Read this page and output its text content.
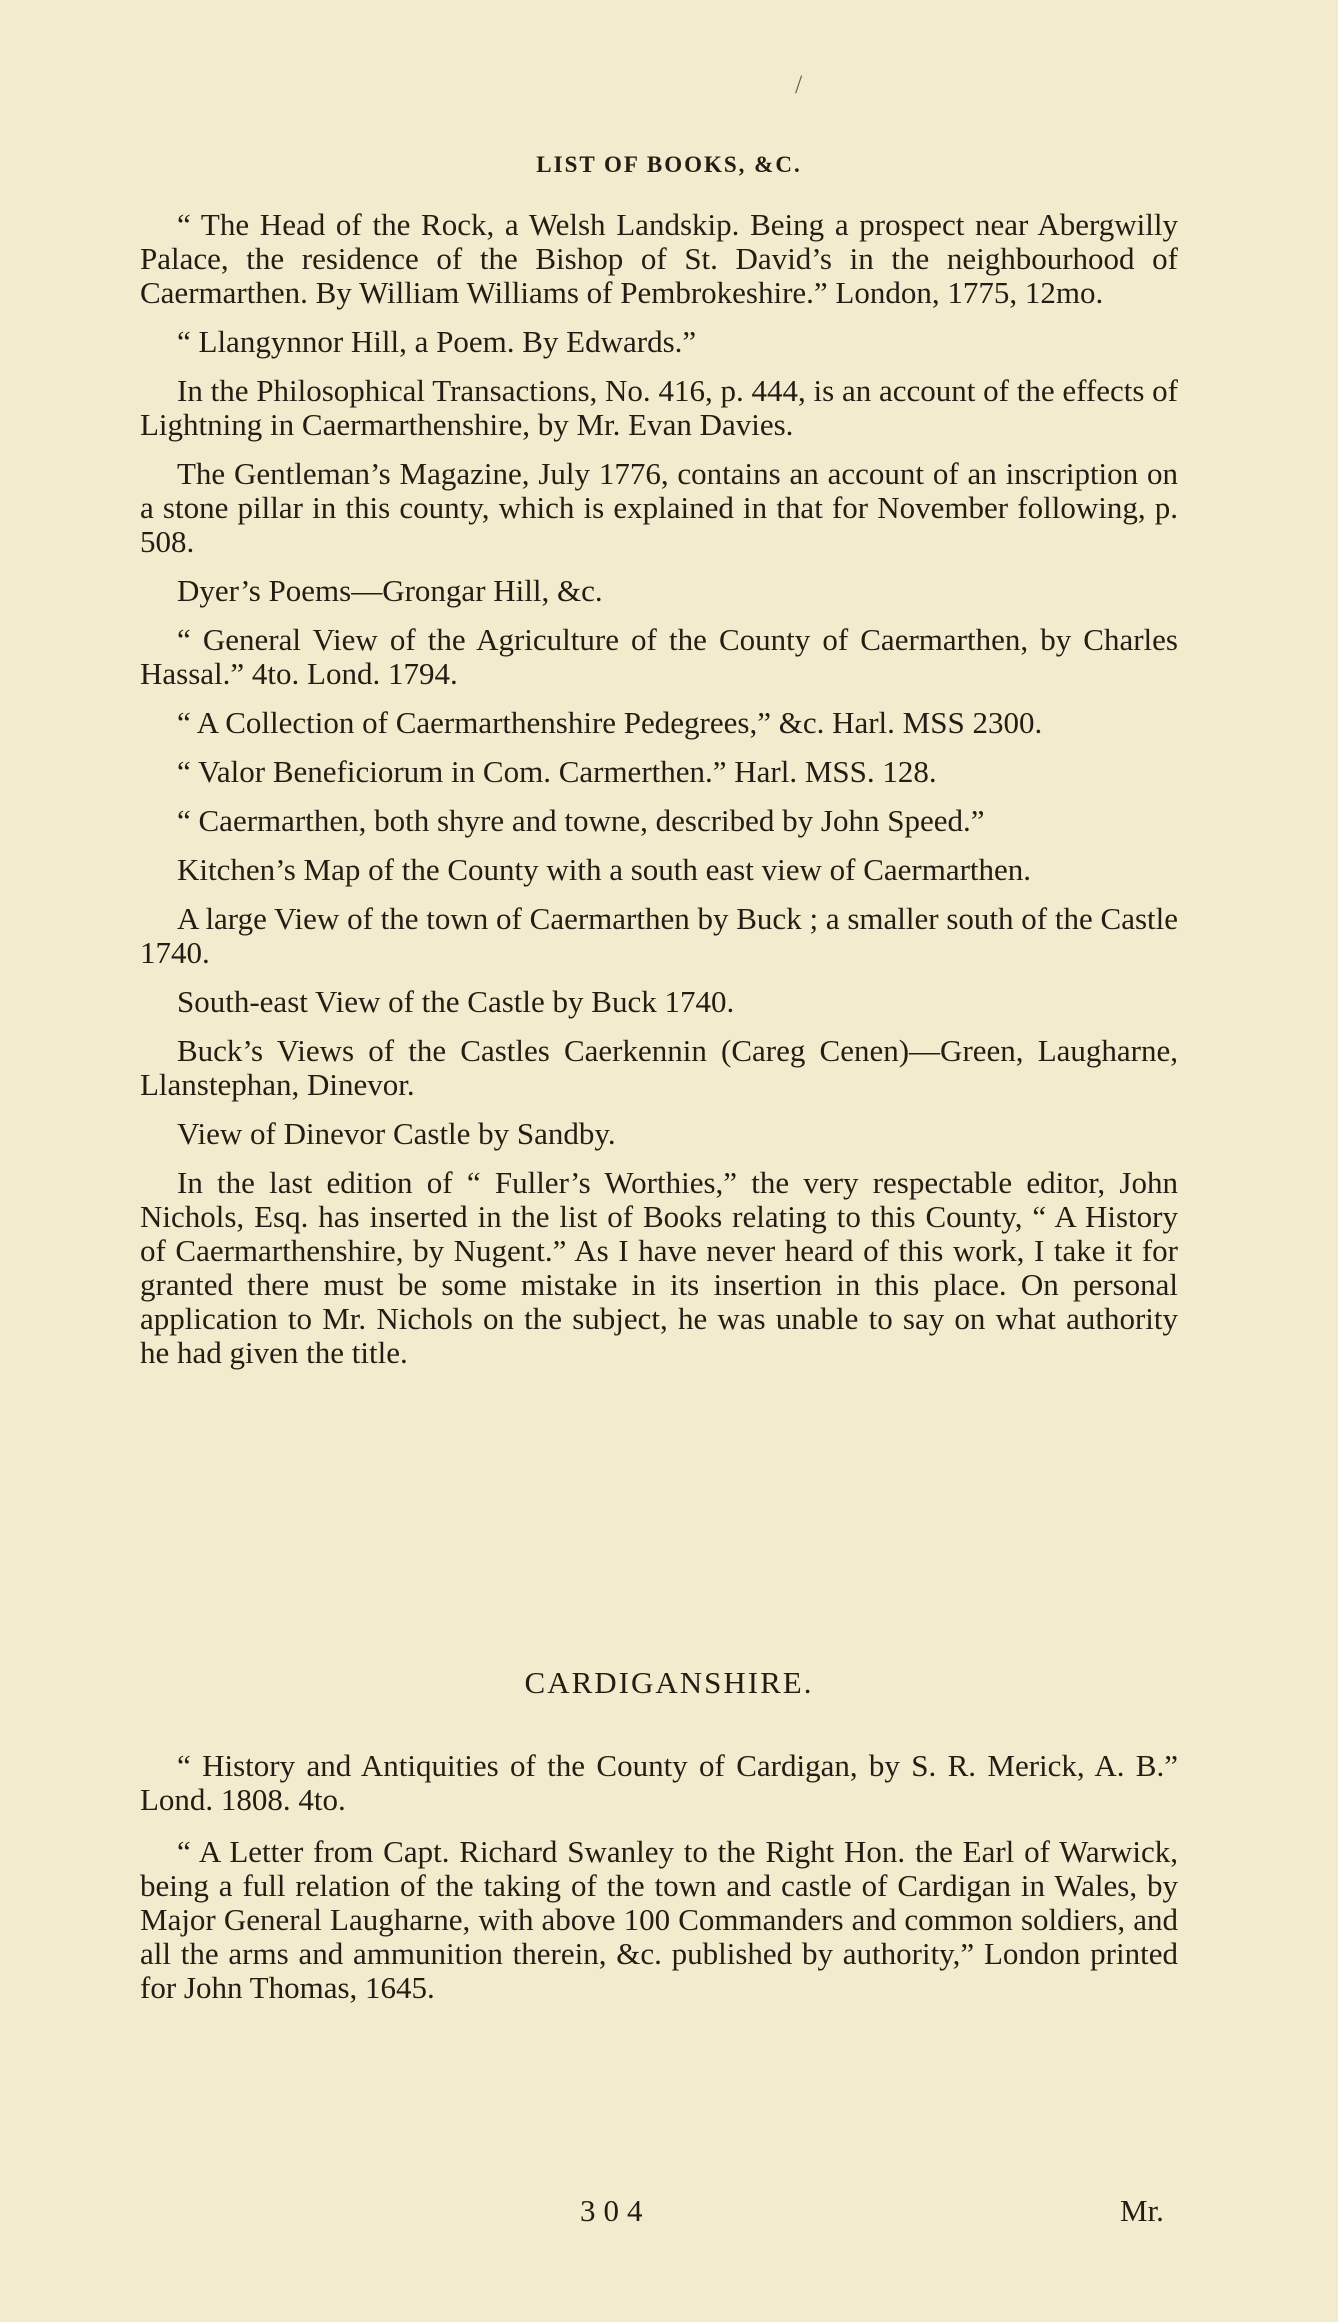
/
LIST OF BOOKS, &C.

“ The Head of the Rock, a Welsh Landskip. Being a prospect near Abergwilly Palace, the residence of the Bishop of St. David’s in the neighbourhood of Caermarthen. By William Williams of Pembrokeshire.” London, 1775, 12mo.

“ Llangynnor Hill, a Poem. By Edwards.”

In the Philosophical Transactions, No. 416, p. 444, is an account of the effects of Lightning in Caermarthenshire, by Mr. Evan Davies.

The Gentleman’s Magazine, July 1776, contains an account of an inscription on a stone pillar in this county, which is explained in that for November following, p. 508.

Dyer’s Poems—Grongar Hill, &c.

“ General View of the Agriculture of the County of Caermarthen, by Charles Hassal.” 4to. Lond. 1794.

“ A Collection of Caermarthenshire Pedegrees,” &c. Harl. MSS 2300.

“ Valor Beneficiorum in Com. Carmerthen.” Harl. MSS. 128.

“ Caermarthen, both shyre and towne, described by John Speed.”

Kitchen’s Map of the County with a south east view of Caermarthen.

A large View of the town of Caermarthen by Buck ; a smaller south of the Castle 1740.

South-east View of the Castle by Buck 1740.

Buck’s Views of the Castles Caerkennin (Careg Cenen)—Green, Laugharne, Llanstephan, Dinevor.

View of Dinevor Castle by Sandby.

In the last edition of “ Fuller’s Worthies,” the very respectable editor, John Nichols, Esq. has inserted in the list of Books relating to this County, “ A History of Caermarthenshire, by Nugent.” As I have never heard of this work, I take it for granted there must be some mistake in its insertion in this place. On personal application to Mr. Nichols on the subject, he was unable to say on what authority he had given the title.

CARDIGANSHIRE.

“ History and Antiquities of the County of Cardigan, by S. R. Merick, A. B.” Lond. 1808. 4to.

“ A Letter from Capt. Richard Swanley to the Right Hon. the Earl of Warwick, being a full relation of the taking of the town and castle of Cardigan in Wales, by Major General Laugharne, with above 100 Commanders and common soldiers, and all the arms and ammunition therein, &c. published by authority,” London printed for John Thomas, 1645.

304	Mr.
